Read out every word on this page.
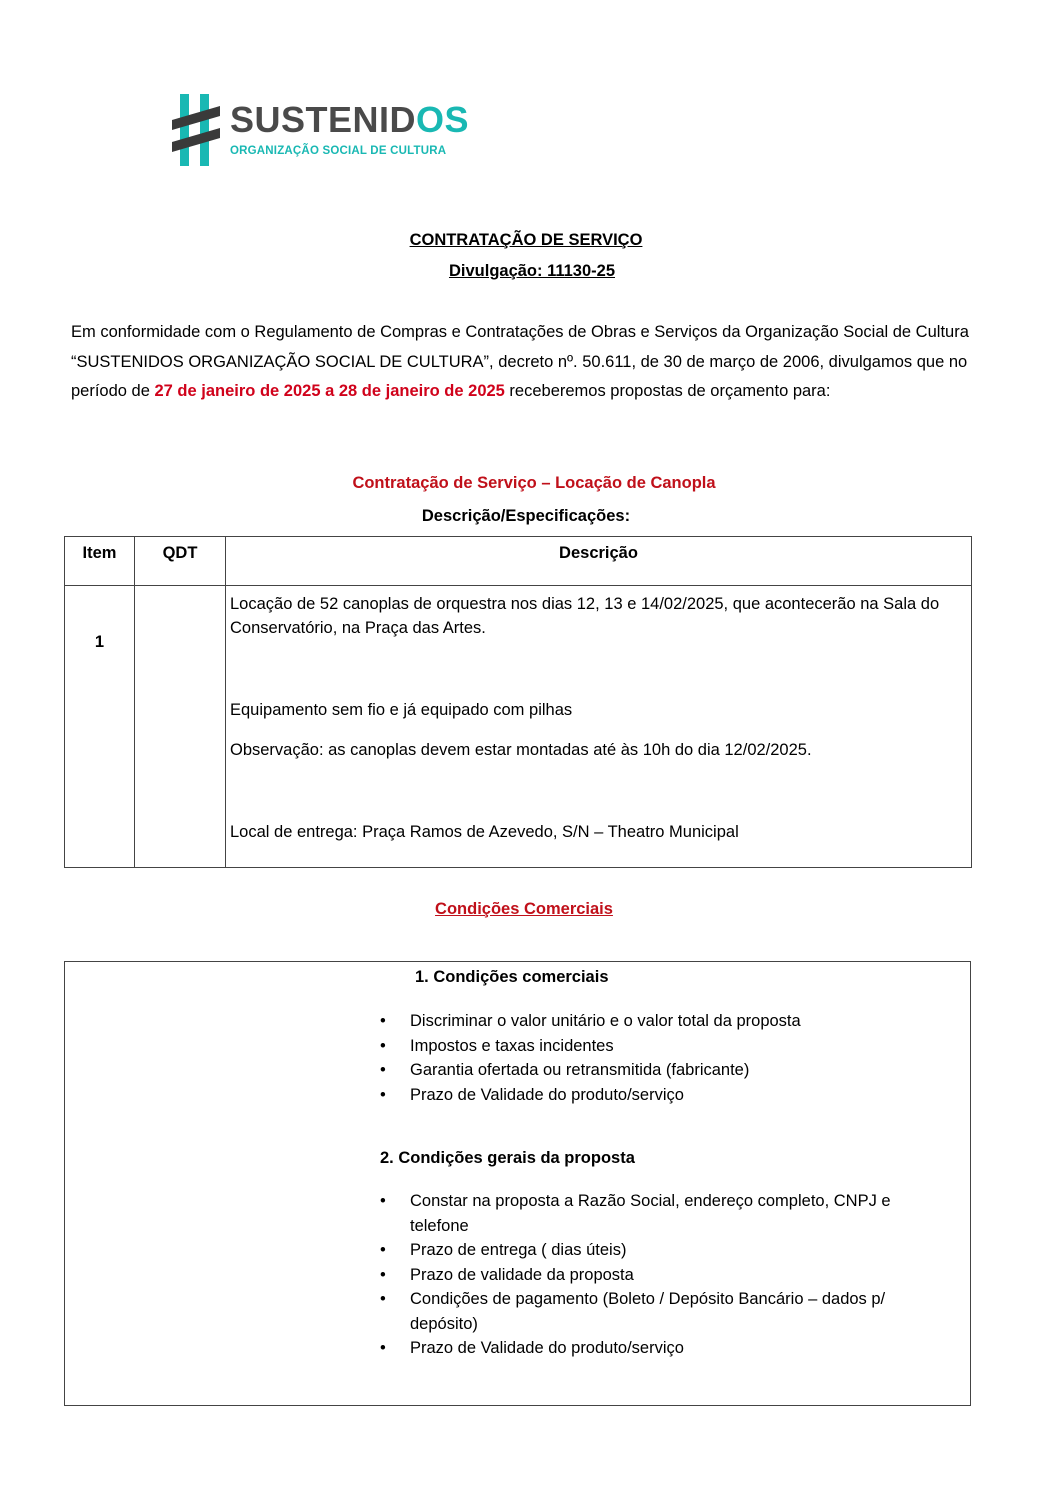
SUSTENIDOS
ORGANIZAÇÃO SOCIAL DE CULTURA
CONTRATAÇÃO DE SERVIÇO
Divulgação: 11130-25
Em conformidade com o Regulamento de Compras e Contratações de Obras e Serviços da Organização Social de Cultura “SUSTENIDOS ORGANIZAÇÃO SOCIAL DE CULTURA”, decreto nº. 50.611, de 30 de março de 2006, divulgamos que no período de 27 de janeiro de 2025 a 28 de janeiro de 2025 receberemos propostas de orçamento para:
Contratação de Serviço – Locação de Canopla
Descrição/Especificações:
Item	QDT	Descrição
1		Locação de 52 canoplas de orquestra nos dias 12, 13 e 14/02/2025, que acontecerão na Sala do Conservatório, na Praça das Artes.

Equipamento sem fio e já equipado com pilhas

Observação: as canoplas devem estar montadas até às 10h do dia 12/02/2025.

Local de entrega: Praça Ramos de Azevedo, S/N – Theatro Municipal

Condições Comerciais
1. Condições comerciais
• Discriminar o valor unitário e o valor total da proposta
• Impostos e taxas incidentes
• Garantia ofertada ou retransmitida (fabricante)
• Prazo de Validade do produto/serviço
2. Condições gerais da proposta
• Constar na proposta a Razão Social, endereço completo, CNPJ e telefone
• Prazo de entrega ( dias úteis)
• Prazo de validade da proposta
• Condições de pagamento (Boleto / Depósito Bancário – dados p/ depósito)
• Prazo de Validade do produto/serviço
